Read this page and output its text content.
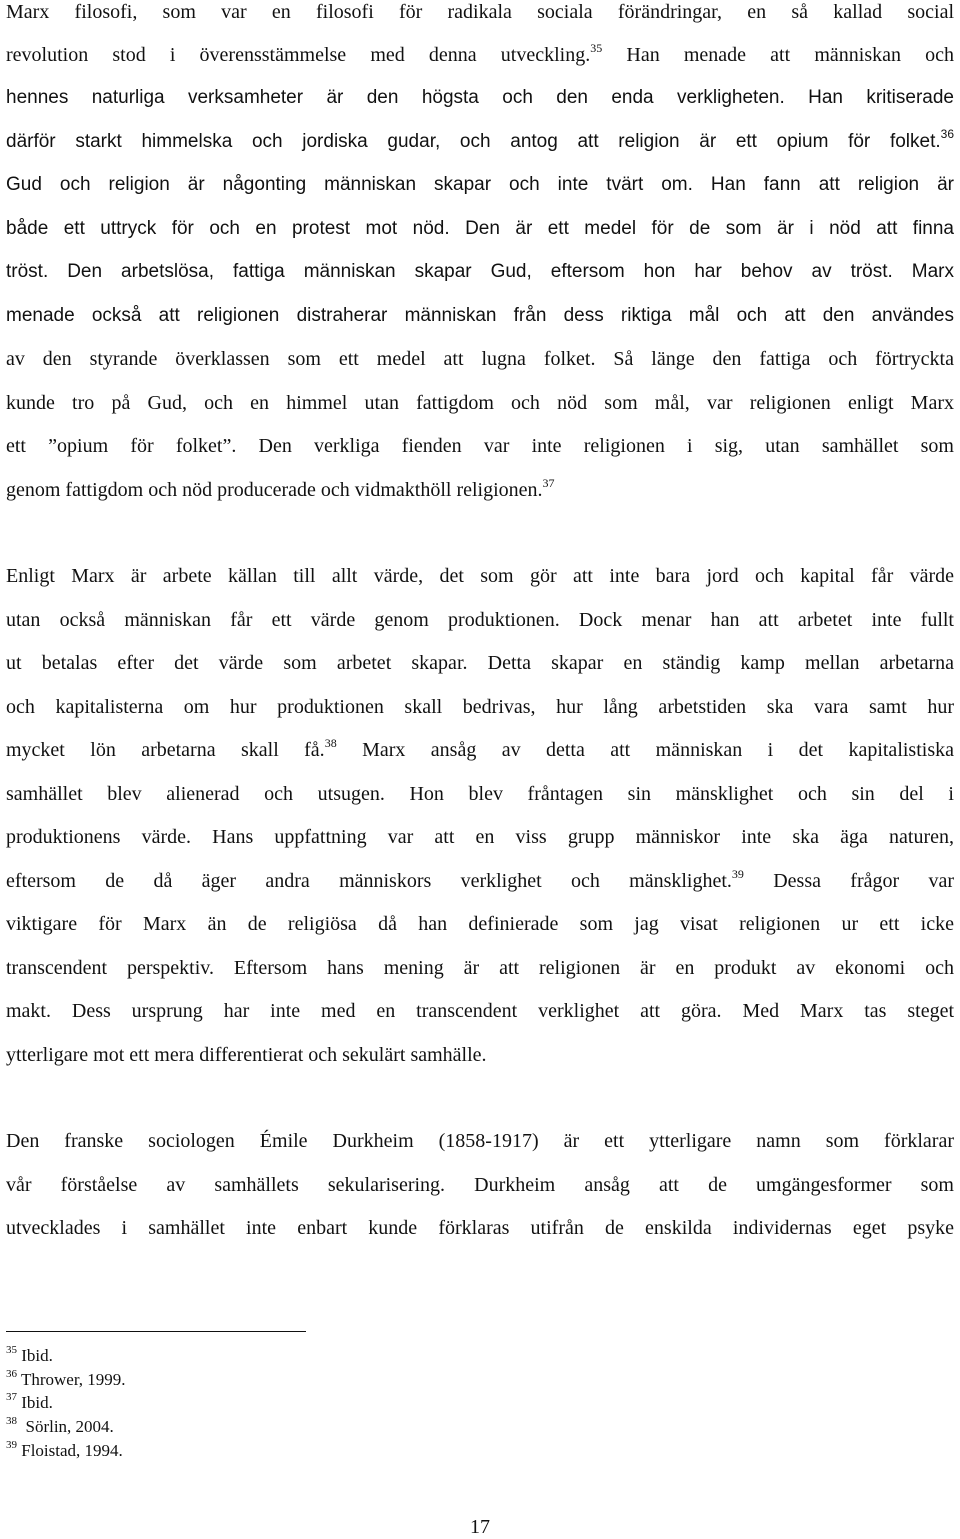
Marx filosofi, som var en filosofi för radikala sociala förändringar, en så kallad social
revolution stod i överensstämmelse med denna utveckling.$^{35}$ Han menade att människan och
hennes naturliga verksamheter är den högsta och den enda verkligheten. Han kritiserade
därför starkt himmelska och jordiska gudar, och antog att religion är ett opium för folket.$^{36}$
Gud och religion är någonting människan skapar och inte tvärt om. Han fann att religion är
både ett uttryck för och en protest mot nöd. Den är ett medel för de som är i nöd att finna
tröst. Den arbetslösa, fattiga människan skapar Gud, eftersom hon har behov av tröst. Marx
menade också att religionen distraherar människan från dess riktiga mål och att den användes
av den styrande överklassen som ett medel att lugna folket. Så länge den fattiga och förtryckta
kunde tro på Gud, och en himmel utan fattigdom och nöd som mål, var religionen enligt Marx
ett ”opium för folket”. Den verkliga fienden var inte religionen i sig, utan samhället som
genom fattigdom och nöd producerade och vidmakthöll religionen.$^{37}$
Enligt Marx är arbete källan till allt värde, det som gör att inte bara jord och kapital får värde
utan också människan får ett värde genom produktionen. Dock menar han att arbetet inte fullt
ut betalas efter det värde som arbetet skapar. Detta skapar en ständig kamp mellan arbetarna
och kapitalisterna om hur produktionen skall bedrivas, hur lång arbetstiden ska vara samt hur
mycket lön arbetarna skall få.$^{38}$ Marx ansåg av detta att människan i det kapitalistiska
samhället blev alienerad och utsugen. Hon blev fråntagen sin mänsklighet och sin del i
produktionens värde. Hans uppfattning var att en viss grupp människor inte ska äga naturen,
eftersom de då äger andra människors verklighet och mänsklighet.$^{39}$ Dessa frågor var
viktigare för Marx än de religiösa då han definierade som jag visat religionen ur ett icke
transcendent perspektiv. Eftersom hans mening är att religionen är en produkt av ekonomi och
makt. Dess ursprung har inte med en transcendent verklighet att göra. Med Marx tas steget
ytterligare mot ett mera differentierat och sekulärt samhälle.
Den franske sociologen Émile Durkheim (1858-1917) är ett ytterligare namn som förklarar
vår förståelse av samhällets sekularisering. Durkheim ansåg att de umgängesformer som
utvecklades i samhället inte enbart kunde förklaras utifrån de enskilda individernas eget psyke
$^{35}$ Ibid.
$^{36}$ Thrower, 1999.
$^{37}$ Ibid.
$^{38}$  Sörlin, 2004.
$^{39}$ Floistad, 1994.
17
